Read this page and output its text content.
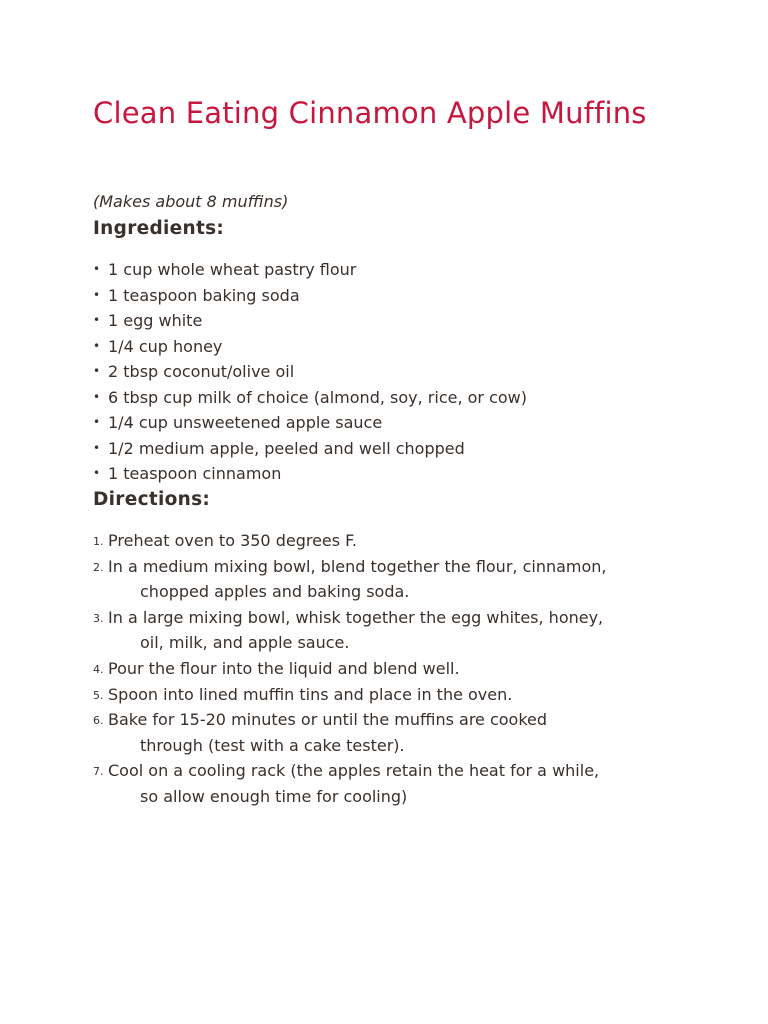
Clean Eating Cinnamon Apple Muffins
(Makes about 8 muffins)
Ingredients:
• 1 cup whole wheat pastry flour
• 1 teaspoon baking soda
• 1 egg white
• 1/4 cup honey
• 2 tbsp coconut/olive oil
• 6 tbsp cup milk of choice (almond, soy, rice, or cow)
• 1/4 cup unsweetened apple sauce
• 1/2 medium apple, peeled and well chopped
• 1 teaspoon cinnamon
Directions:
1. Preheat oven to 350 degrees F.
2. In a medium mixing bowl, blend together the flour, cinnamon,
chopped apples and baking soda.
3. In a large mixing bowl, whisk together the egg whites, honey,
oil, milk, and apple sauce.
4. Pour the flour into the liquid and blend well.
5. Spoon into lined muffin tins and place in the oven.
6. Bake for 15-20 minutes or until the muffins are cooked
through (test with a cake tester).
7. Cool on a cooling rack (the apples retain the heat for a while,
so allow enough time for cooling)
